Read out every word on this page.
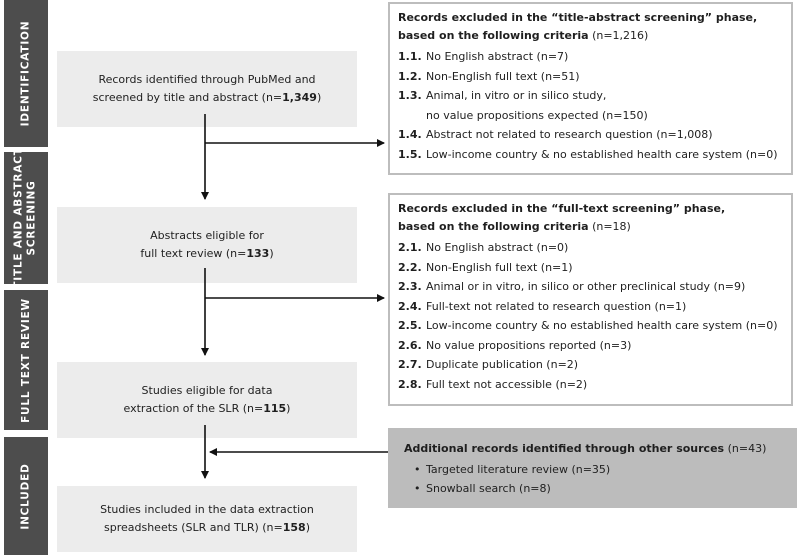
IDENTIFICATION
TITLE AND ABSTRACT SCREENING
FULL TEXT REVIEW
INCLUDED
Records identified through PubMed and
screened by title and abstract (n=1,349)
Abstracts eligible for
full text review (n=133)
Studies eligible for data
extraction of the SLR (n=115)
Studies included in the data extraction
spreadsheets (SLR and TLR) (n=158)
Records excluded in the “title-abstract screening” phase,
based on the following criteria (n=1,216)
1.1. No English abstract (n=7)
1.2. Non-English full text (n=51)
1.3. Animal, in vitro or in silico study,
no value propositions expected (n=150)
1.4. Abstract not related to research question (n=1,008)
1.5. Low-income country & no established health care system (n=0)
Records excluded in the “full-text screening” phase,
based on the following criteria (n=18)
2.1. No English abstract (n=0)
2.2. Non-English full text (n=1)
2.3. Animal or in vitro, in silico or other preclinical study (n=9)
2.4. Full-text not related to research question (n=1)
2.5. Low-income country & no established health care system (n=0)
2.6. No value propositions reported (n=3)
2.7. Duplicate publication (n=2)
2.8. Full text not accessible (n=2)
Additional records identified through other sources (n=43)
• Targeted literature review (n=35)
• Snowball search (n=8)
